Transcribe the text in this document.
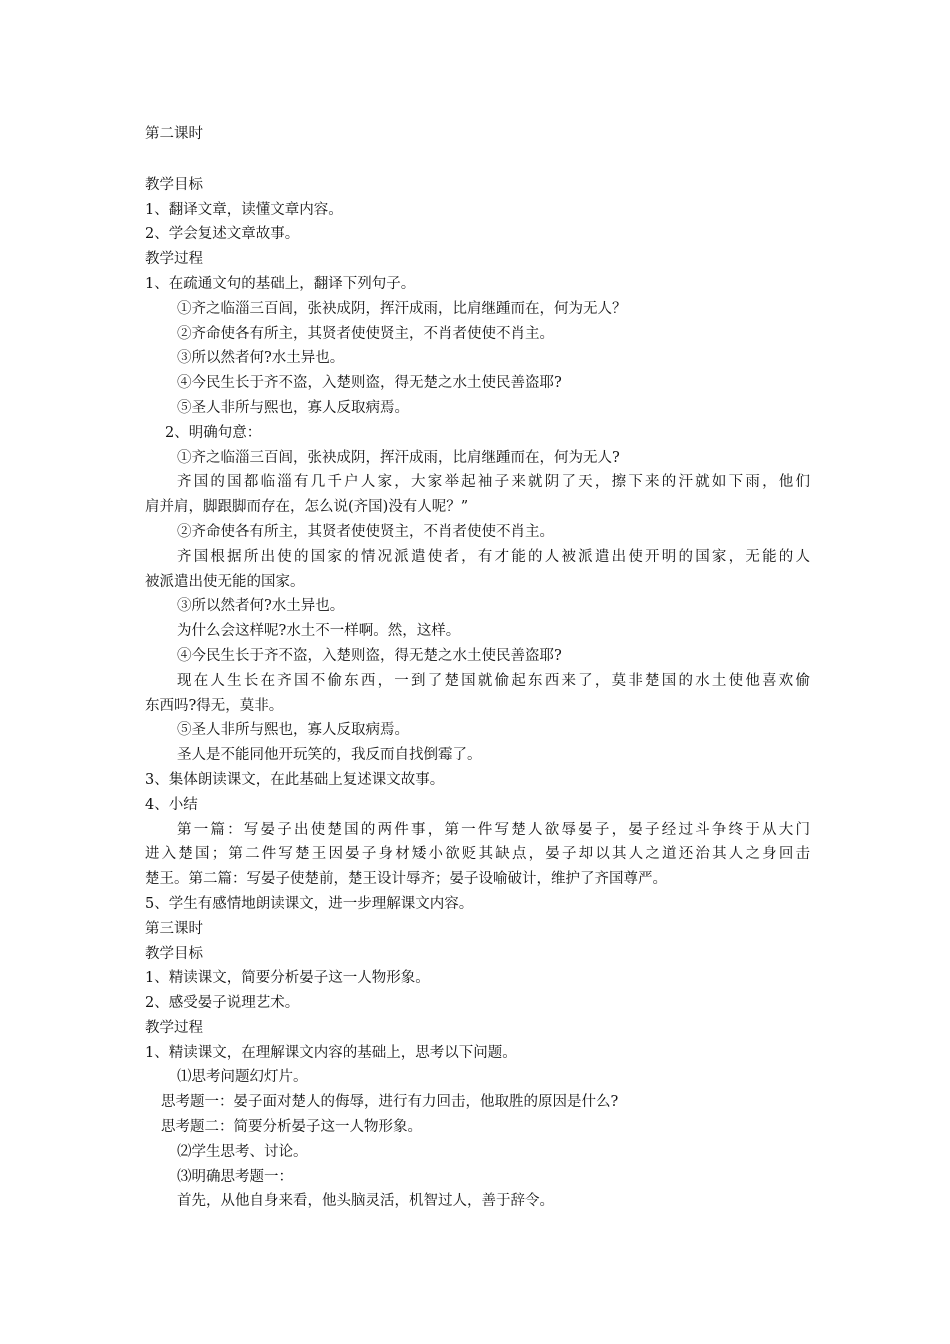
第二课时
教学目标
1、翻译文章，读懂文章内容。
2、学会复述文章故事。
教学过程
1、在疏通文句的基础上，翻译下列句子。
①齐之临淄三百闾，张袂成阴，挥汗成雨，比肩继踵而在，何为无人？
②齐命使各有所主，其贤者使使贤主，不肖者使使不肖主。
③所以然者何?水土异也。
④今民生长于齐不盗，入楚则盗，得无楚之水土使民善盗耶?
⑤圣人非所与熙也，寡人反取病焉。
2、明确句意：
①齐之临淄三百闾，张袂成阴，挥汗成雨，比肩继踵而在，何为无人?
齐国的国都临淄有几千户人家，大家举起袖子来就阴了天，擦下来的汗就如下雨，他们
肩并肩，脚跟脚而存在，怎么说(齐国)没有人呢？”
②齐命使各有所主，其贤者使使贤主，不肖者使使不肖主。
齐国根据所出使的国家的情况派遣使者，有才能的人被派遣出使开明的国家，无能的人
被派遣出使无能的国家。
③所以然者何?水土异也。
为什么会这样呢?水土不一样啊。然，这样。
④今民生长于齐不盗，入楚则盗，得无楚之水土使民善盗耶?
现在人生长在齐国不偷东西，一到了楚国就偷起东西来了，莫非楚国的水土使他喜欢偷
东西吗?得无，莫非。
⑤圣人非所与熙也，寡人反取病焉。
圣人是不能同他开玩笑的，我反而自找倒霉了。
3、集体朗读课文，在此基础上复述课文故事。
4、小结
第一篇：写晏子出使楚国的两件事，第一件写楚人欲辱晏子，晏子经过斗争终于从大门
进入楚国；第二件写楚王因晏子身材矮小欲贬其缺点，晏子却以其人之道还治其人之身回击
楚王。第二篇：写晏子使楚前，楚王设计辱齐；晏子设喻破计，维护了齐国尊严。
5、学生有感情地朗读课文，进一步理解课文内容。
第三课时
教学目标
1、精读课文，简要分析晏子这一人物形象。
2、感受晏子说理艺术。
教学过程
1、精读课文，在理解课文内容的基础上，思考以下问题。
⑴思考问题幻灯片。
思考题一：晏子面对楚人的侮辱，进行有力回击，他取胜的原因是什么?
思考题二：简要分析晏子这一人物形象。
⑵学生思考、讨论。
⑶明确思考题一：
首先，从他自身来看，他头脑灵活，机智过人，善于辞令。
